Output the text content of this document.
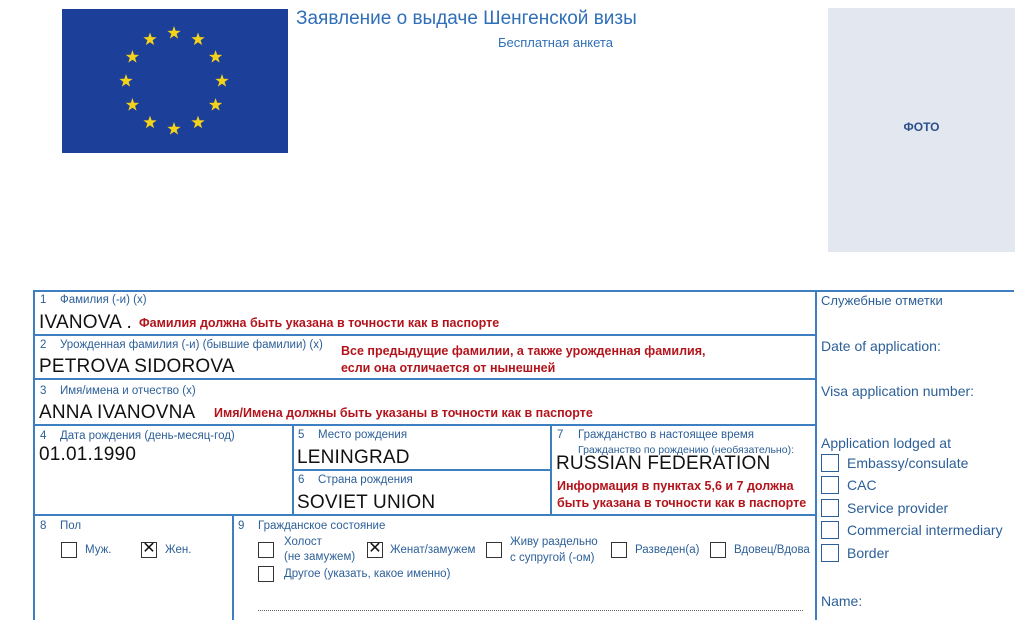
Заявление о выдаче Шенгенской визы
Бесплатная анкета
ФОТО
1 Фамилия (-и) (x)
IVANOVA . Фамилия должна быть указана в точности как в паспорте
2 Урожденная фамилия (-и) (бывшие фамилии) (x)
PETROVA SIDOROVA
Все предыдущие фамилии, а также урожденная фамилия,
если она отличается от нынешней
3 Имя/имена и отчество (x)
ANNA IVANOVNA Имя/Имена должны быть указаны в точности как в паспорте
4 Дата рождения (день-месяц-год)
01.01.1990
5 Место рождения
LENINGRAD
6 Страна рождения
SOVIET UNION
7 Гражданство в настоящее время
Гражданство по рождению (необязательно):
RUSSIAN FEDERATION
Информация в пунктах 5,6 и 7 должна
быть указана в точности как в паспорте
8 Пол
Муж. ✕ Жен.
9 Гражданское состояние
Холост
(не замужем) ✕ Женат/замужем
Живу раздельно
с супругой (-ом)
Разведен(а)	Вдовец/Вдова
Другое (указать, какое именно)
Служебные отметки
Date of application:
Visa application number:
Application lodged at
Embassy/consulate
CAC
Service provider
Commercial intermediary
Border
Name:
